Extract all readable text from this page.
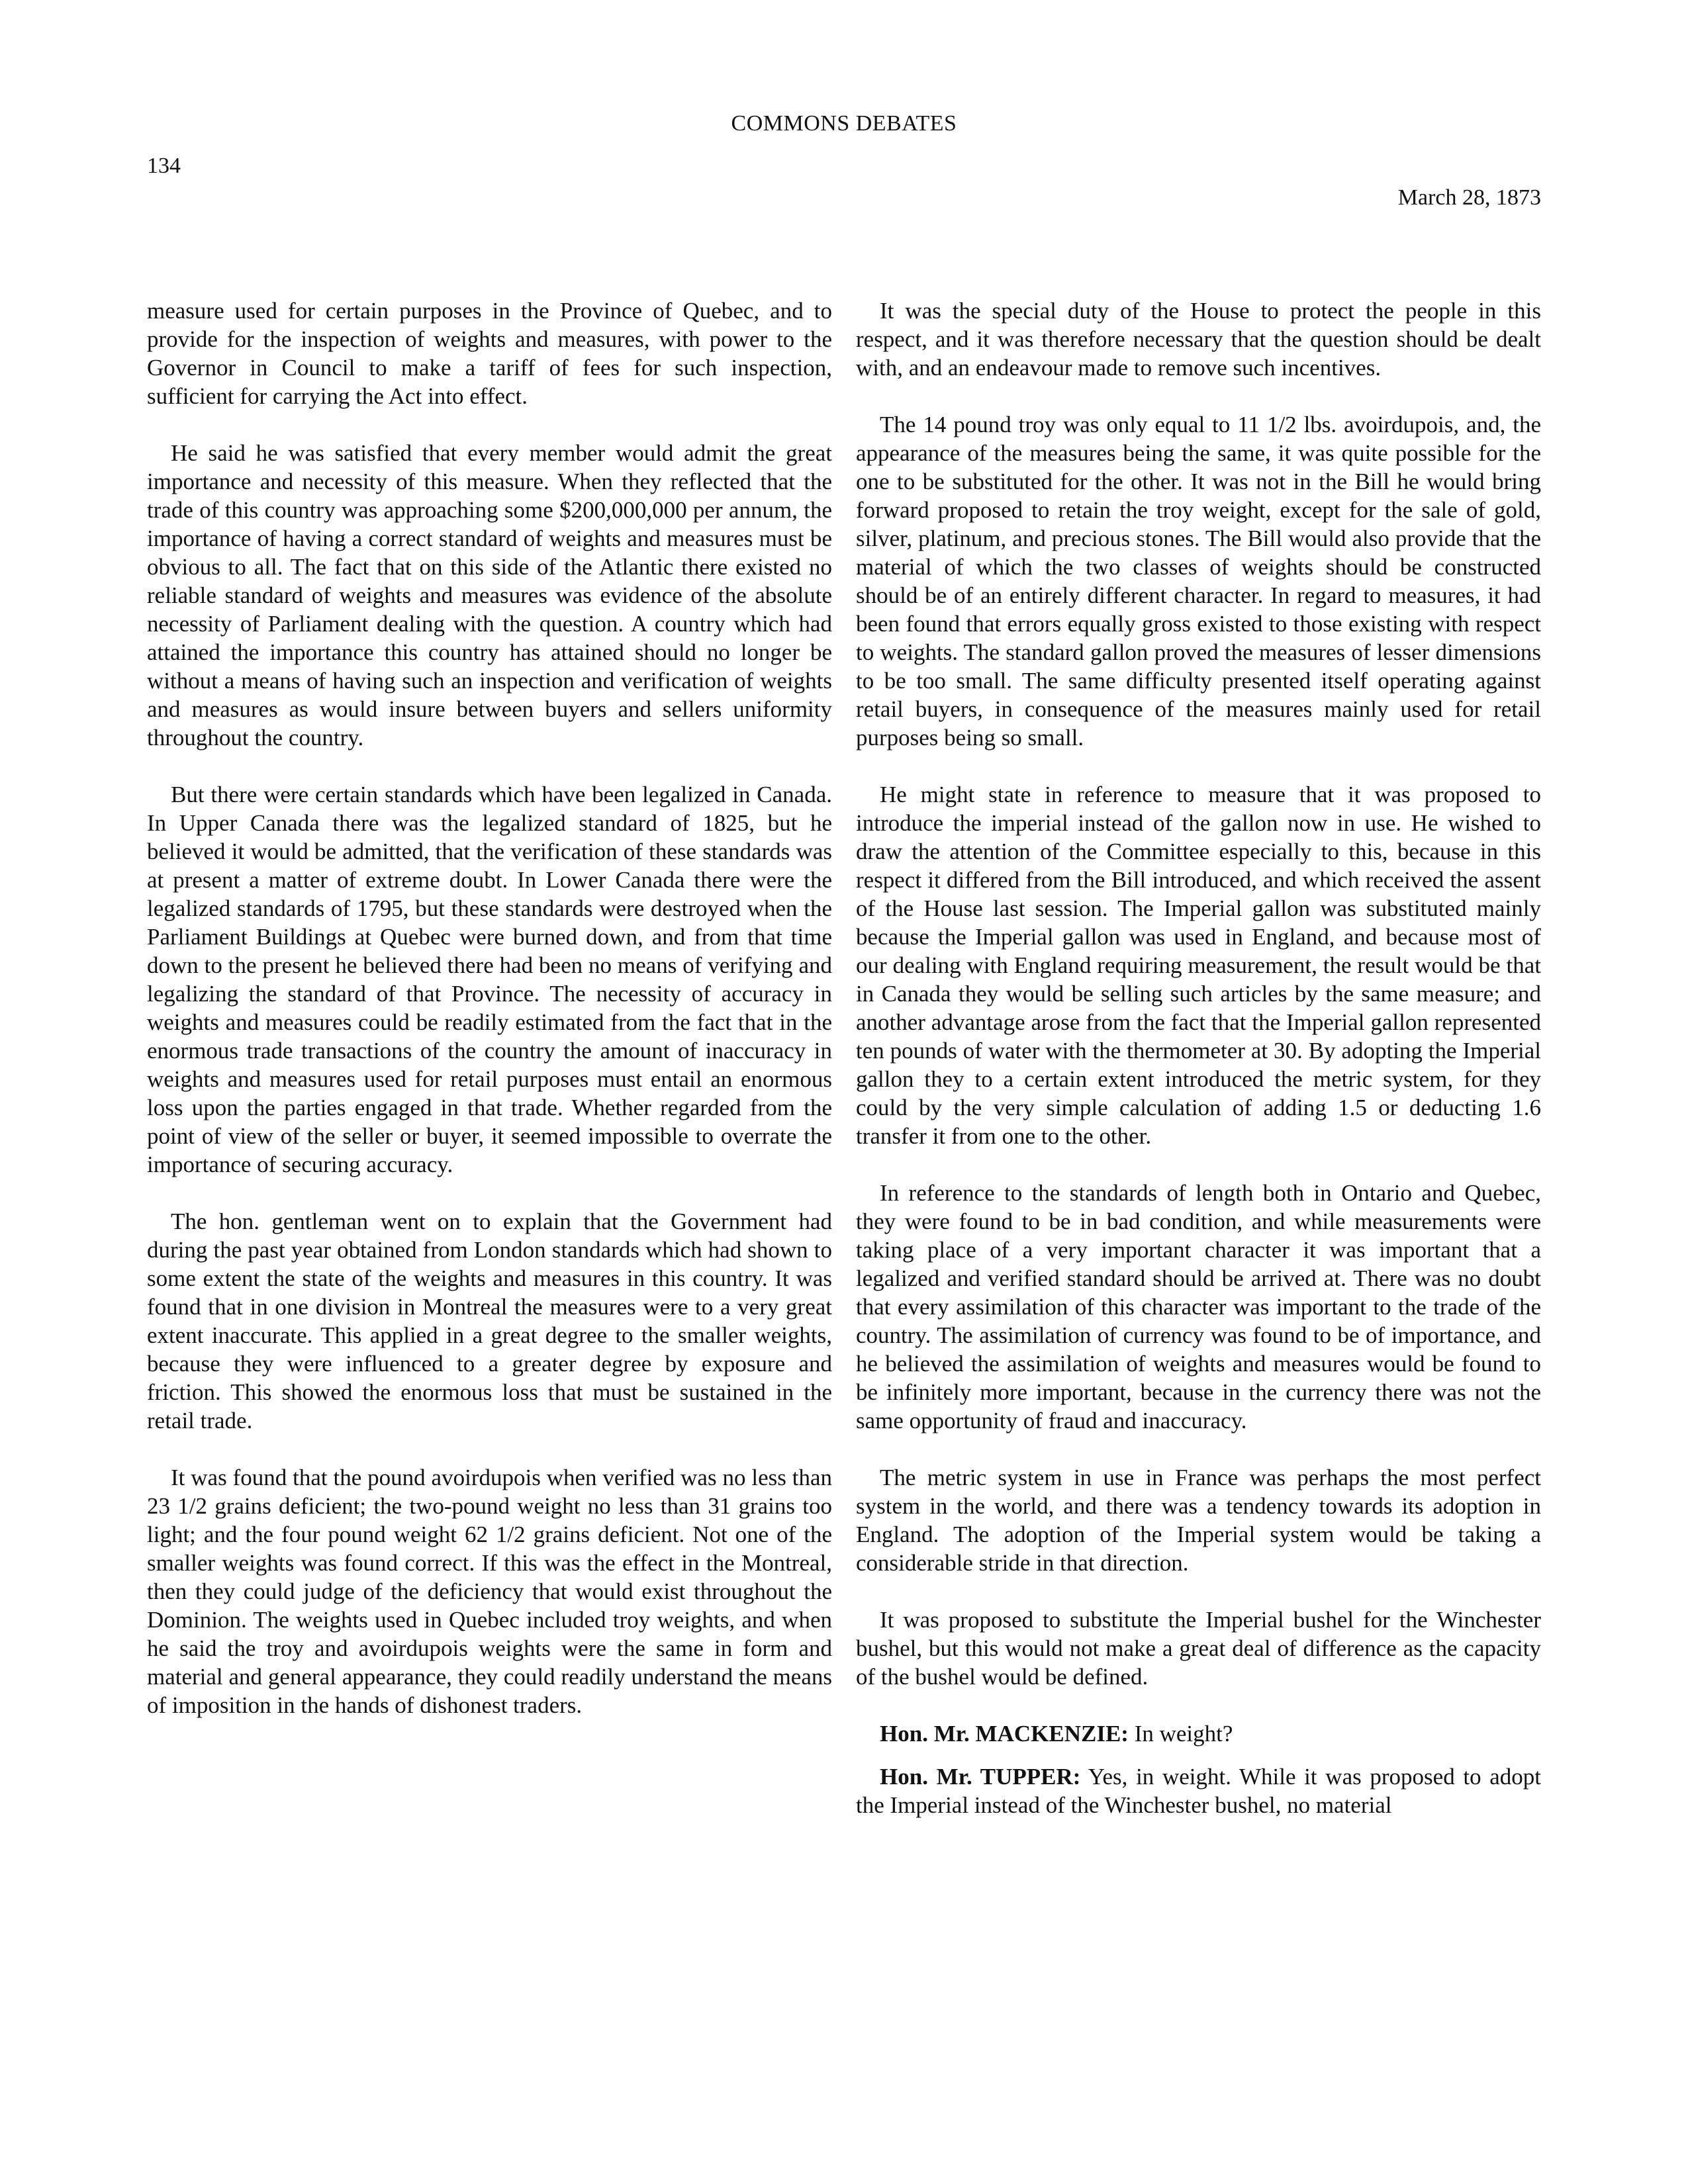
COMMONS DEBATES
134
March 28, 1873

measure used for certain purposes in the Province of Quebec, and to provide for the inspection of weights and measures, with power to the Governor in Council to make a tariff of fees for such inspection, sufficient for carrying the Act into effect.

He said he was satisfied that every member would admit the great importance and necessity of this measure. When they reflected that the trade of this country was approaching some $200,000,000 per annum, the importance of having a correct standard of weights and measures must be obvious to all. The fact that on this side of the Atlantic there existed no reliable standard of weights and measures was evidence of the absolute necessity of Parliament dealing with the question. A country which had attained the importance this country has attained should no longer be without a means of having such an inspection and verification of weights and measures as would insure between buyers and sellers uniformity throughout the country.

But there were certain standards which have been legalized in Canada. In Upper Canada there was the legalized standard of 1825, but he believed it would be admitted, that the verification of these standards was at present a matter of extreme doubt. In Lower Canada there were the legalized standards of 1795, but these standards were destroyed when the Parliament Buildings at Quebec were burned down, and from that time down to the present he believed there had been no means of verifying and legalizing the standard of that Province. The necessity of accuracy in weights and measures could be readily estimated from the fact that in the enormous trade transactions of the country the amount of inaccuracy in weights and measures used for retail purposes must entail an enormous loss upon the parties engaged in that trade. Whether regarded from the point of view of the seller or buyer, it seemed impossible to overrate the importance of securing accuracy.

The hon. gentleman went on to explain that the Government had during the past year obtained from London standards which had shown to some extent the state of the weights and measures in this country. It was found that in one division in Montreal the measures were to a very great extent inaccurate. This applied in a great degree to the smaller weights, because they were influenced to a greater degree by exposure and friction. This showed the enormous loss that must be sustained in the retail trade.

It was found that the pound avoirdupois when verified was no less than 23 1/2 grains deficient; the two-pound weight no less than 31 grains too light; and the four pound weight 62 1/2 grains deficient. Not one of the smaller weights was found correct. If this was the effect in the Montreal, then they could judge of the deficiency that would exist throughout the Dominion. The weights used in Quebec included troy weights, and when he said the troy and avoirdupois weights were the same in form and material and general appearance, they could readily understand the means of imposition in the hands of dishonest traders.

It was the special duty of the House to protect the people in this respect, and it was therefore necessary that the question should be dealt with, and an endeavour made to remove such incentives.

The 14 pound troy was only equal to 11 1/2 lbs. avoirdupois, and, the appearance of the measures being the same, it was quite possible for the one to be substituted for the other. It was not in the Bill he would bring forward proposed to retain the troy weight, except for the sale of gold, silver, platinum, and precious stones. The Bill would also provide that the material of which the two classes of weights should be constructed should be of an entirely different character. In regard to measures, it had been found that errors equally gross existed to those existing with respect to weights. The standard gallon proved the measures of lesser dimensions to be too small. The same difficulty presented itself operating against retail buyers, in consequence of the measures mainly used for retail purposes being so small.

He might state in reference to measure that it was proposed to introduce the imperial instead of the gallon now in use. He wished to draw the attention of the Committee especially to this, because in this respect it differed from the Bill introduced, and which received the assent of the House last session. The Imperial gallon was substituted mainly because the Imperial gallon was used in England, and because most of our dealing with England requiring measurement, the result would be that in Canada they would be selling such articles by the same measure; and another advantage arose from the fact that the Imperial gallon represented ten pounds of water with the thermometer at 30. By adopting the Imperial gallon they to a certain extent introduced the metric system, for they could by the very simple calculation of adding 1.5 or deducting 1.6 transfer it from one to the other.

In reference to the standards of length both in Ontario and Quebec, they were found to be in bad condition, and while measurements were taking place of a very important character it was important that a legalized and verified standard should be arrived at. There was no doubt that every assimilation of this character was important to the trade of the country. The assimilation of currency was found to be of importance, and he believed the assimilation of weights and measures would be found to be infinitely more important, because in the currency there was not the same opportunity of fraud and inaccuracy.

The metric system in use in France was perhaps the most perfect system in the world, and there was a tendency towards its adoption in England. The adoption of the Imperial system would be taking a considerable stride in that direction.

It was proposed to substitute the Imperial bushel for the Winchester bushel, but this would not make a great deal of difference as the capacity of the bushel would be defined.

Hon. Mr. MACKENZIE: In weight?

Hon. Mr. TUPPER: Yes, in weight. While it was proposed to adopt the Imperial instead of the Winchester bushel, no material
